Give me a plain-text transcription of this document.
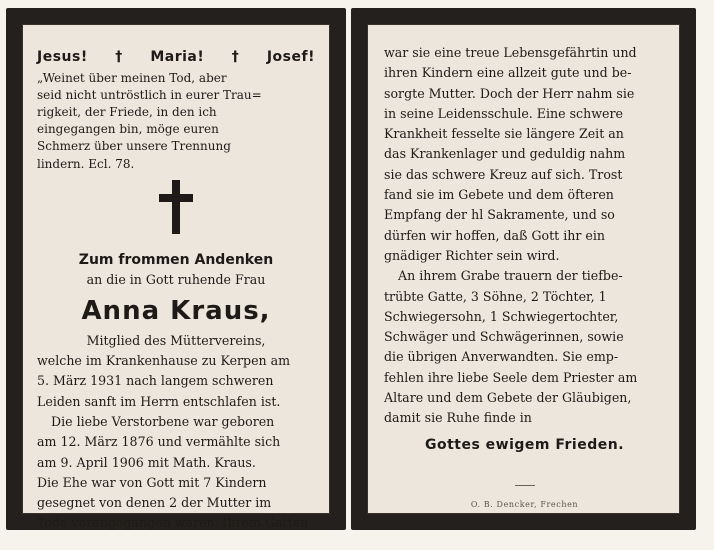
Jesus! † Maria! † Josef!
„Weinet über meinen Tod, aber
seid nicht untröstlich in eurer Trau=
rigkeit, der Friede, in den ich
eingegangen bin, möge euren
Schmerz über unsere Trennung
lindern. Ecl. 78.
Zum frommen Andenken
an die in Gott ruhende Frau
Anna Kraus,
Mitglied des Müttervereins,
welche im Krankenhause zu Kerpen am
5. März 1931 nach langem schweren
Leiden sanft im Herrn entschlafen ist.
Die liebe Verstorbene war geboren
am 12. März 1876 und vermählte sich
am 9. April 1906 mit Math. Kraus.
Die Ehe war von Gott mit 7 Kindern
gesegnet von denen 2 der Mutter im
Tode vorangegangen waren. Ihrem Gatten
war sie eine treue Lebensgefährtin und
ihren Kindern eine allzeit gute und be-
sorgte Mutter. Doch der Herr nahm sie
in seine Leidensschule. Eine schwere
Krankheit fesselte sie längere Zeit an
das Krankenlager und geduldig nahm
sie das schwere Kreuz auf sich. Trost
fand sie im Gebete und dem öfteren
Empfang der hl Sakramente, und so
dürfen wir hoffen, daß Gott ihr ein
gnädiger Richter sein wird.
An ihrem Grabe trauern der tiefbe-
trübte Gatte, 3 Söhne, 2 Töchter, 1
Schwiegersohn, 1 Schwiegertochter,
Schwäger und Schwägerinnen, sowie
die übrigen Anverwandten. Sie emp-
fehlen ihre liebe Seele dem Priester am
Altare und dem Gebete der Gläubigen,
damit sie Ruhe finde in
Gottes ewigem Frieden.
O. B. Dencker, Frechen
